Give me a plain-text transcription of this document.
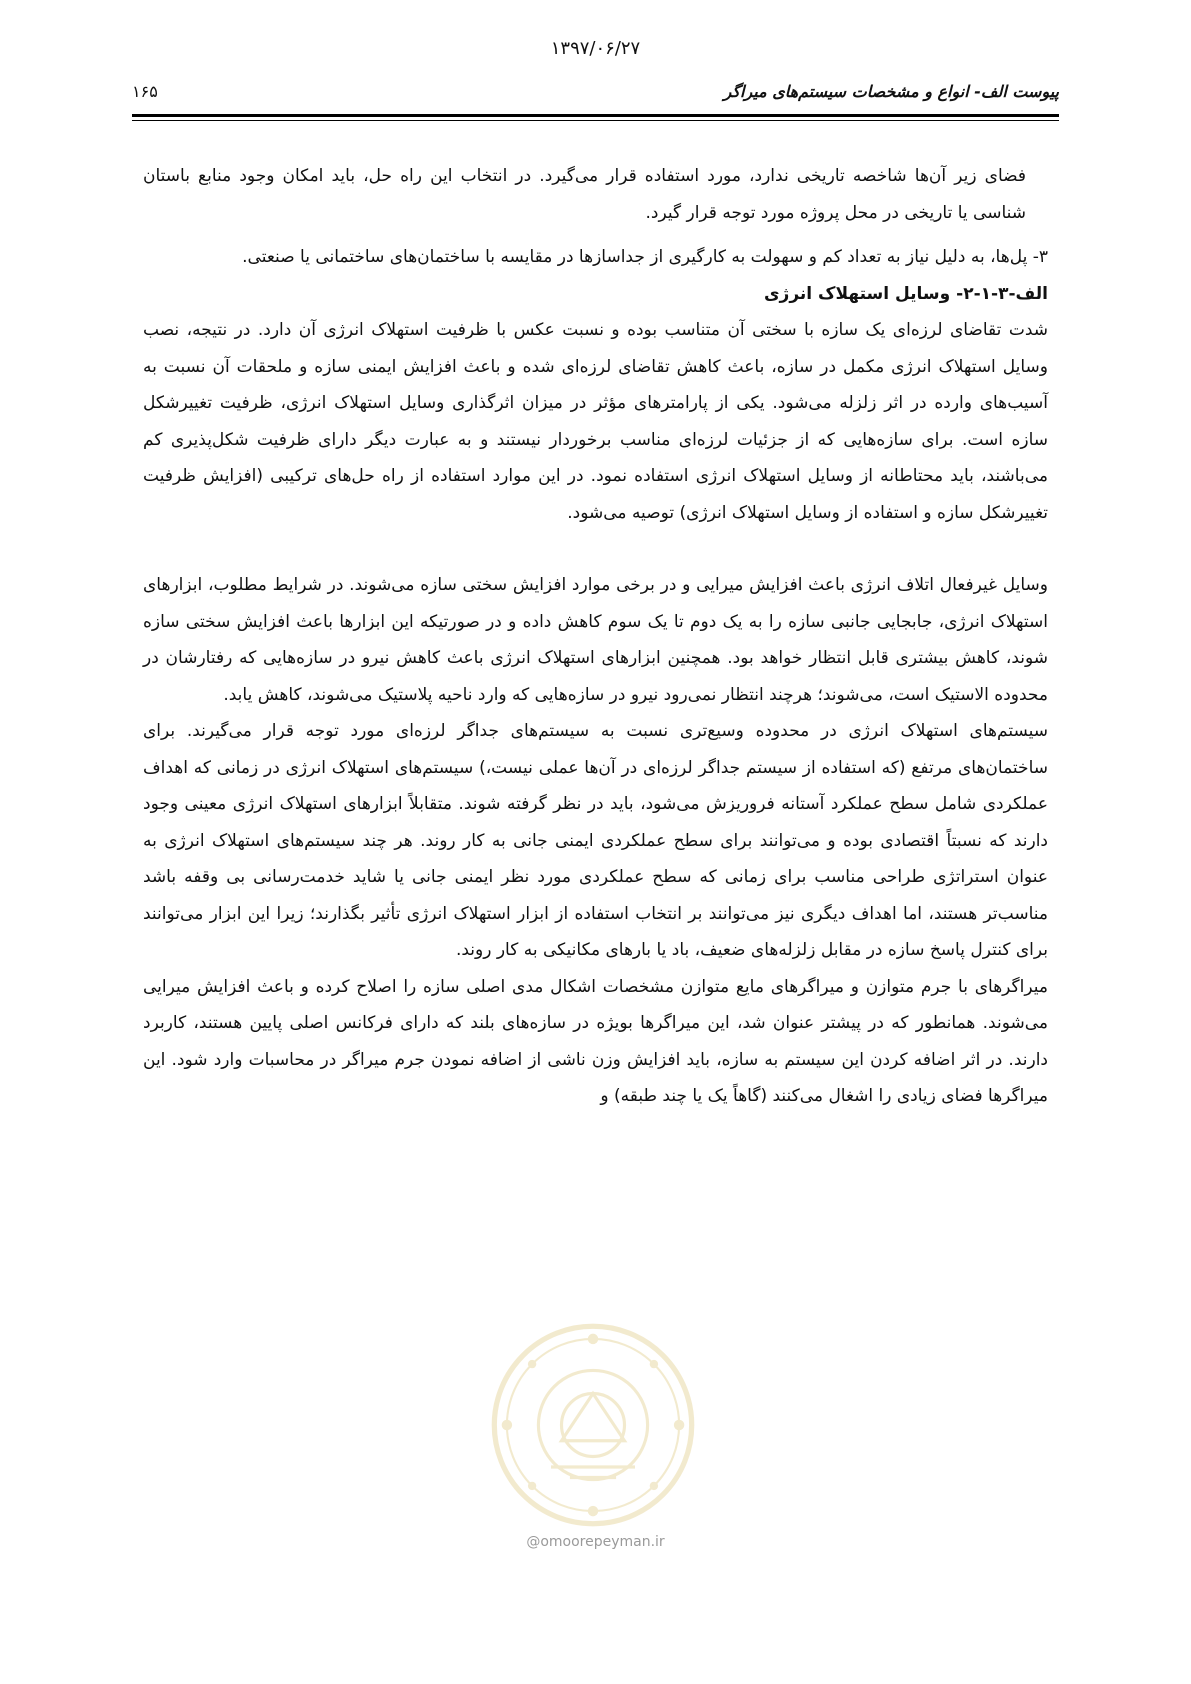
۱۳۹۷/۰۶/۲۷
پیوست الف- انواع و مشخصات سیستم‌های میراگر
۱۶۵

فضای زیر آن‌ها شاخصه تاریخی ندارد، مورد استفاده قرار می‌گیرد. در انتخاب این راه حل، باید امکان وجود منابع باستان شناسی یا تاریخی در محل پروژه مورد توجه قرار گیرد.

۳- پل‌ها، به دلیل نیاز به تعداد کم و سهولت به کارگیری از جداسازها در مقایسه با ساختمان‌های ساختمانی یا صنعتی.

الف-۳-۱-۲- وسایل استهلاک انرژی

شدت تقاضای لرزه‌ای یک سازه با سختی آن متناسب بوده و نسبت عکس با ظرفیت استهلاک انرژی آن دارد. در نتیجه، نصب وسایل استهلاک انرژی مکمل در سازه، باعث کاهش تقاضای لرزه‌ای شده و باعث افزایش ایمنی سازه و ملحقات آن نسبت به آسیب‌های وارده در اثر زلزله می‌شود. یکی از پارامترهای مؤثر در میزان اثرگذاری وسایل استهلاک انرژی، ظرفیت تغییرشکل سازه است. برای سازه‌هایی که از جزئیات لرزه‌ای مناسب برخوردار نیستند و به عبارت دیگر دارای ظرفیت شکل‌پذیری کم می‌باشند، باید محتاطانه از وسایل استهلاک انرژی استفاده نمود. در این موارد استفاده از راه حل‌های ترکیبی (افزایش ظرفیت تغییرشکل سازه و استفاده از وسایل استهلاک انرژی) توصیه می‌شود.

وسایل غیرفعال اتلاف انرژی باعث افزایش میرایی و در برخی موارد افزایش سختی سازه می‌شوند. در شرایط مطلوب، ابزارهای استهلاک انرژی، جابجایی جانبی سازه را به یک دوم تا یک سوم کاهش داده و در صورتیکه این ابزارها باعث افزایش سختی سازه شوند، کاهش بیشتری قابل انتظار خواهد بود. همچنین ابزارهای استهلاک انرژی باعث کاهش نیرو در سازه‌هایی که رفتارشان در محدوده الاستیک است، می‌شوند؛ هرچند انتظار نمی‌رود نیرو در سازه‌هایی که وارد ناحیه پلاستیک می‌شوند، کاهش یابد.

سیستم‌های استهلاک انرژی در محدوده وسیع‌تری نسبت به سیستم‌های جداگر لرزه‌ای مورد توجه قرار می‌گیرند. برای ساختمان‌های مرتفع (که استفاده از سیستم جداگر لرزه‌ای در آن‌ها عملی نیست،) سیستم‌های استهلاک انرژی در زمانی که اهداف عملکردی شامل سطح عملکرد آستانه فروریزش می‌شود، باید در نظر گرفته شوند. متقابلاً ابزارهای استهلاک انرژی معینی وجود دارند که نسبتاً اقتصادی بوده و می‌توانند برای سطح عملکردی ایمنی جانی به کار روند. هر چند سیستم‌های استهلاک انرژی به عنوان استراتژی طراحی مناسب برای زمانی که سطح عملکردی مورد نظر ایمنی جانی یا شاید خدمت‌رسانی بی وقفه باشد مناسب‌تر هستند، اما اهداف دیگری نیز می‌توانند بر انتخاب استفاده از ابزار استهلاک انرژی تأثیر بگذارند؛ زیرا این ابزار می‌توانند برای کنترل پاسخ سازه در مقابل زلزله‌های ضعیف، باد یا بارهای مکانیکی به کار روند.

میراگرهای با جرم متوازن و میراگرهای مایع متوازن مشخصات اشکال مدی اصلی سازه را اصلاح کرده و باعث افزایش میرایی می‌شوند. همانطور که در پیشتر عنوان شد، این میراگرها بویژه در سازه‌های بلند که دارای فرکانس اصلی پایین هستند، کاربرد دارند. در اثر اضافه کردن این سیستم به سازه، باید افزایش وزن ناشی از اضافه نمودن جرم میراگر در محاسبات وارد شود. این میراگرها فضای زیادی را اشغال می‌کنند (گاهاً یک یا چند طبقه) و

@omoorepeyman.ir
